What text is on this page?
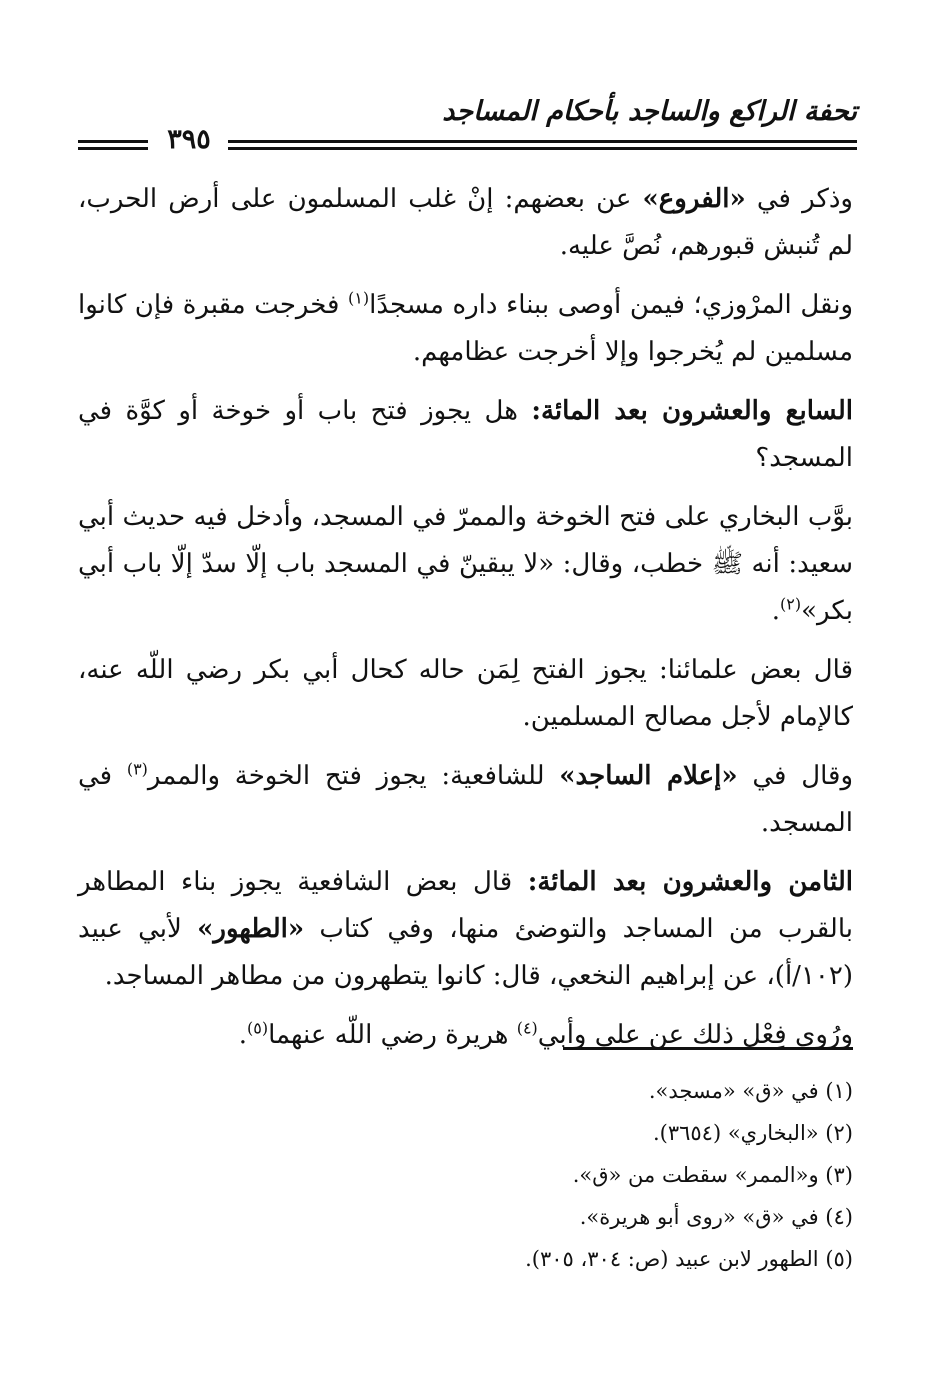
تحفة الراكع والساجد بأحكام المساجد
٣٩٥

وذكر في «الفروع» عن بعضهم: إنْ غلب المسلمون على أرض الحرب، لم تُنبش قبورهم، نُصَّ عليه.

ونقل المرْوزي؛ فيمن أوصى ببناء داره مسجدًا$^{(١)}$ فخرجت مقبرة فإن كانوا مسلمين لم يُخرجوا وإلا أخرجت عظامهم.

السابع والعشرون بعد المائة: هل يجوز فتح باب أو خوخة أو كوَّة في المسجد؟

بوَّب البخاري على فتح الخوخة والممرّ في المسجد، وأدخل فيه حديث أبي سعيد: أنه ﷺ خطب، وقال: «لا يبقينّ في المسجد باب إلّا سدّ إلّا باب أبي بكر»$^{(٢)}$.

قال بعض علمائنا: يجوز الفتح لِمَن حاله كحال أبي بكر رضي اللّه عنه، كالإمام لأجل مصالح المسلمين.

وقال في «إعلام الساجد» للشافعية: يجوز فتح الخوخة والممر$^{(٣)}$ في المسجد.

الثامن والعشرون بعد المائة: قال بعض الشافعية يجوز بناء المطاهر بالقرب من المساجد والتوضئ منها، وفي كتاب «الطهور» لأبي عبيد (١٠٢/أ)، عن إبراهيم النخعي، قال: كانوا يتطهرون من مطاهر المساجد.

ورُوي فِعْل ذلك عن علي وأبي$^{(٤)}$ هريرة رضي اللّه عنهما$^{(٥)}$.

(١) في «ق» «مسجد».
(٢) «البخاري» (٣٦٥٤).
(٣) و«الممر» سقطت من «ق».
(٤) في «ق» «روى أبو هريرة».
(٥) الطهور لابن عبيد (ص: ٣٠٤، ٣٠٥).
